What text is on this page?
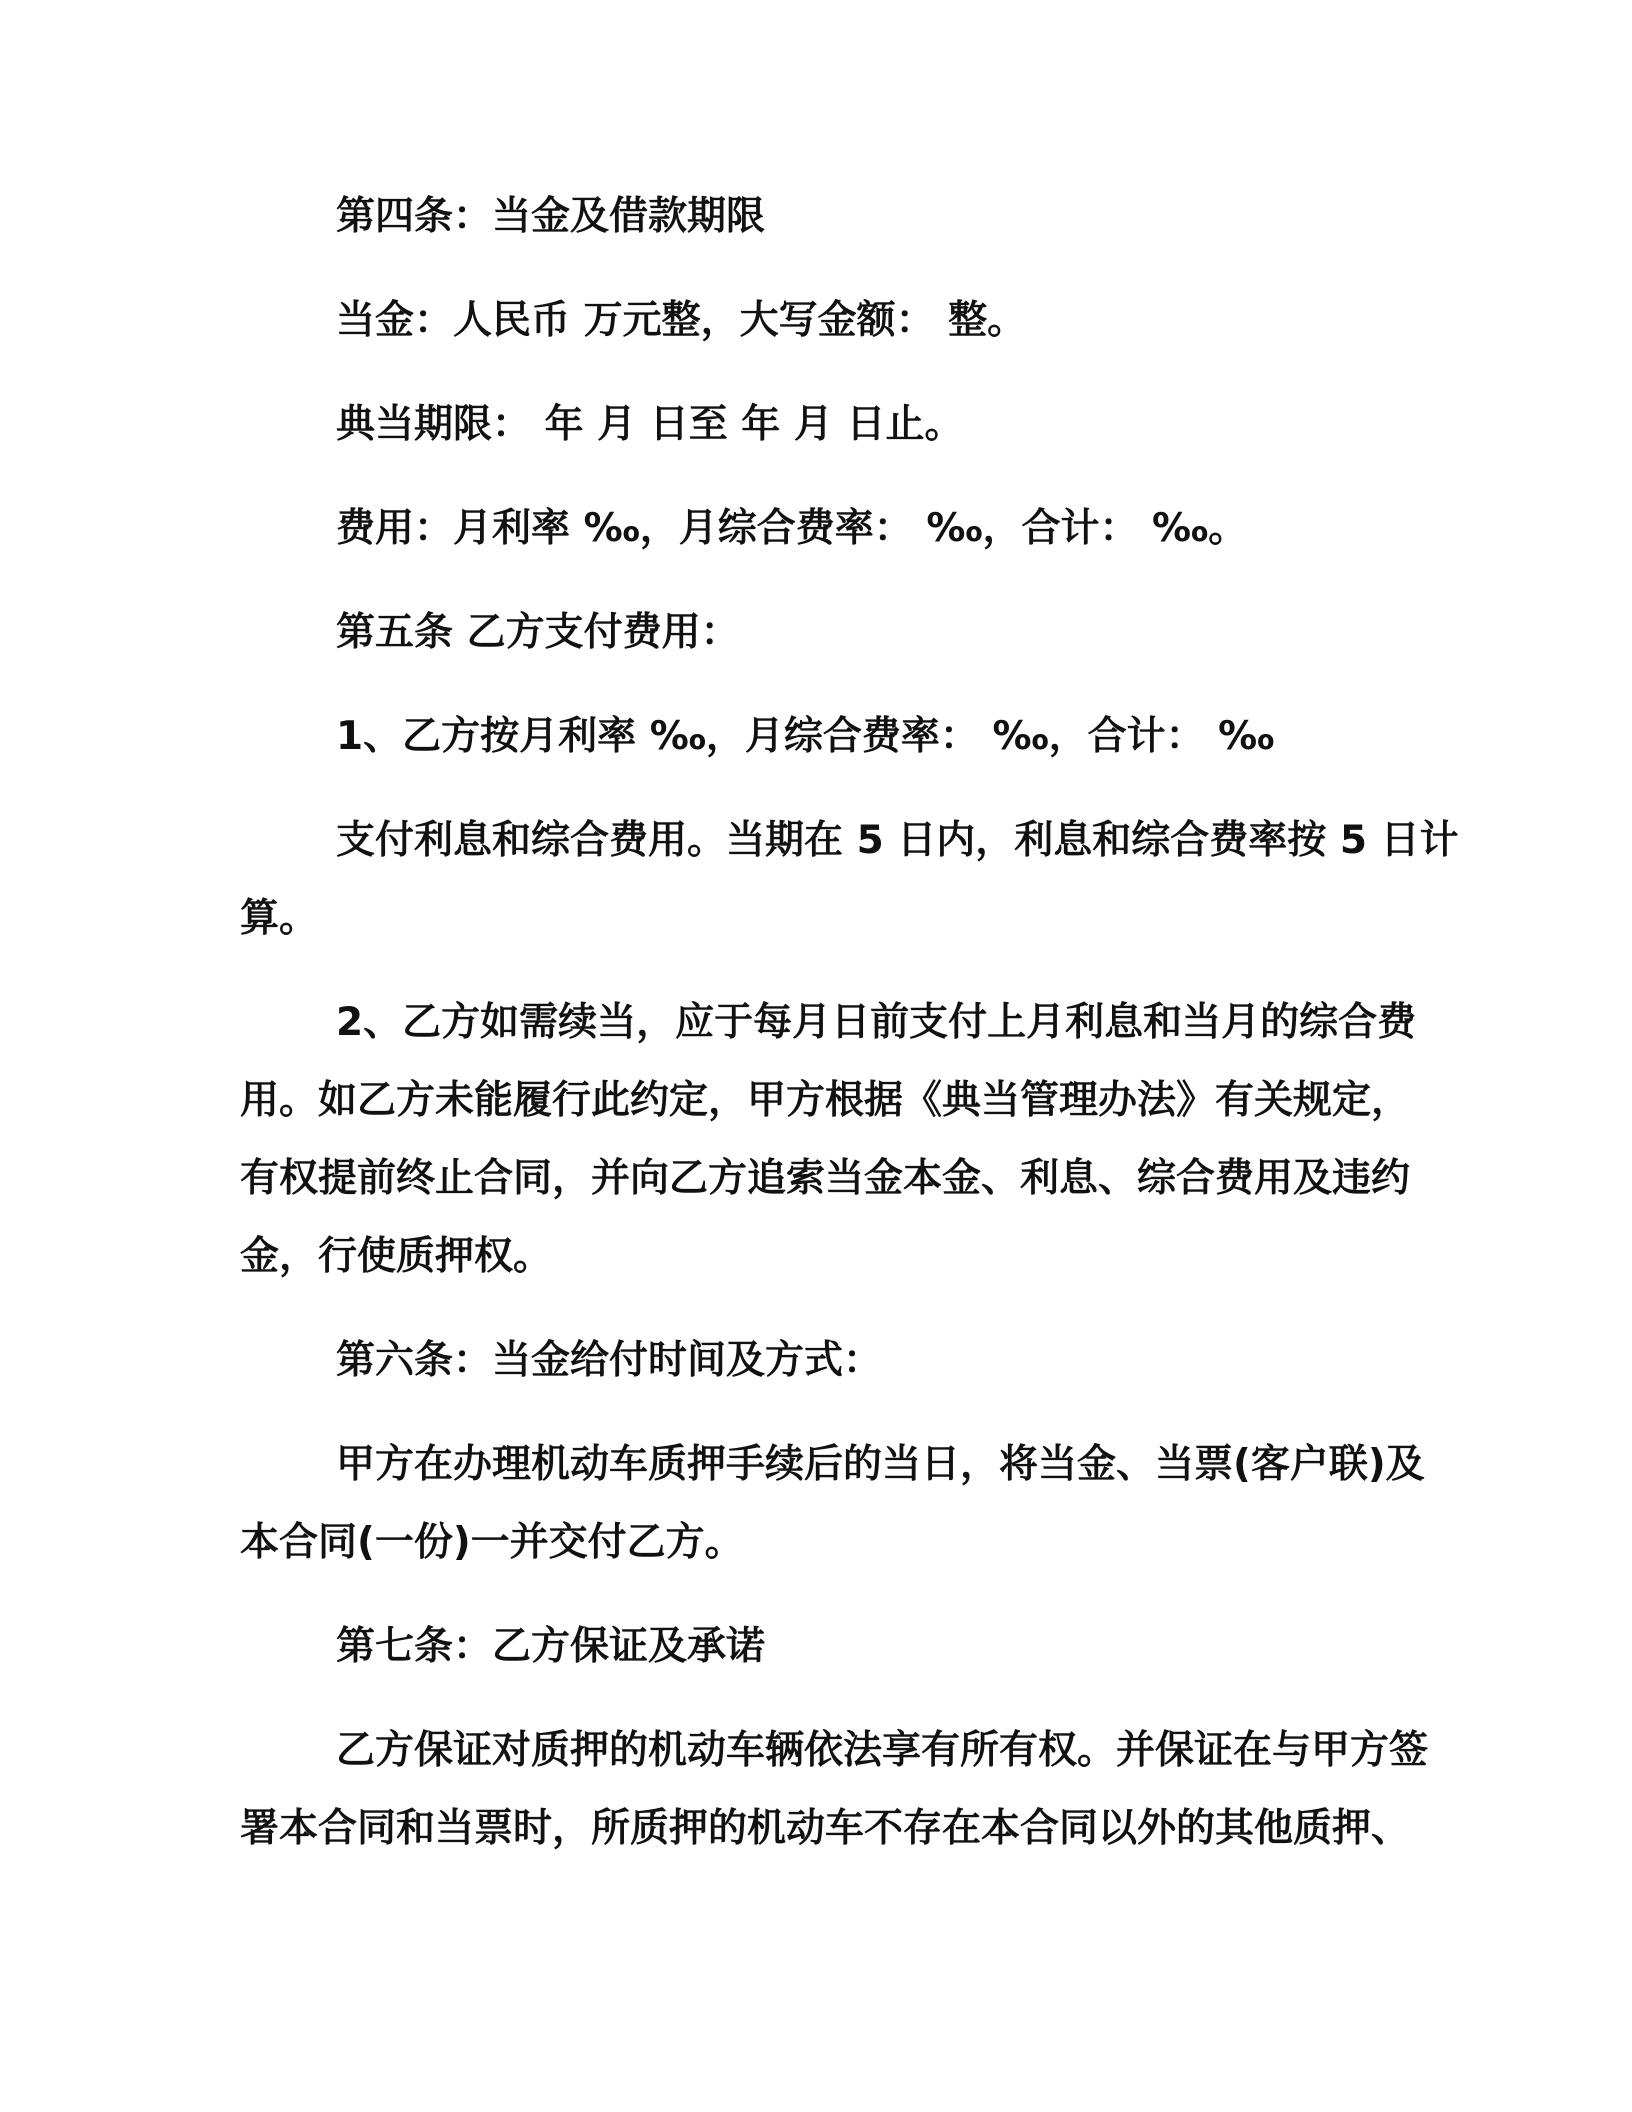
第四条：当金及借款期限
当金：人民币 万元整，大写金额： 整。
典当期限： 年 月 日至 年 月 日止。
费用：月利率 ‰，月综合费率： ‰，合计： ‰。
第五条 乙方支付费用：
1、乙方按月利率 ‰，月综合费率： ‰，合计： ‰
支付利息和综合费用。当期在 5 日内，利息和综合费率按 5 日计
算。
2、乙方如需续当，应于每月日前支付上月利息和当月的综合费
用。如乙方未能履行此约定，甲方根据《典当管理办法》有关规定，
有权提前终止合同，并向乙方追索当金本金、利息、综合费用及违约
金，行使质押权。
第六条：当金给付时间及方式：
甲方在办理机动车质押手续后的当日，将当金、当票(客户联)及
本合同(一份)一并交付乙方。
第七条：乙方保证及承诺
乙方保证对质押的机动车辆依法享有所有权。并保证在与甲方签
署本合同和当票时，所质押的机动车不存在本合同以外的其他质押、
